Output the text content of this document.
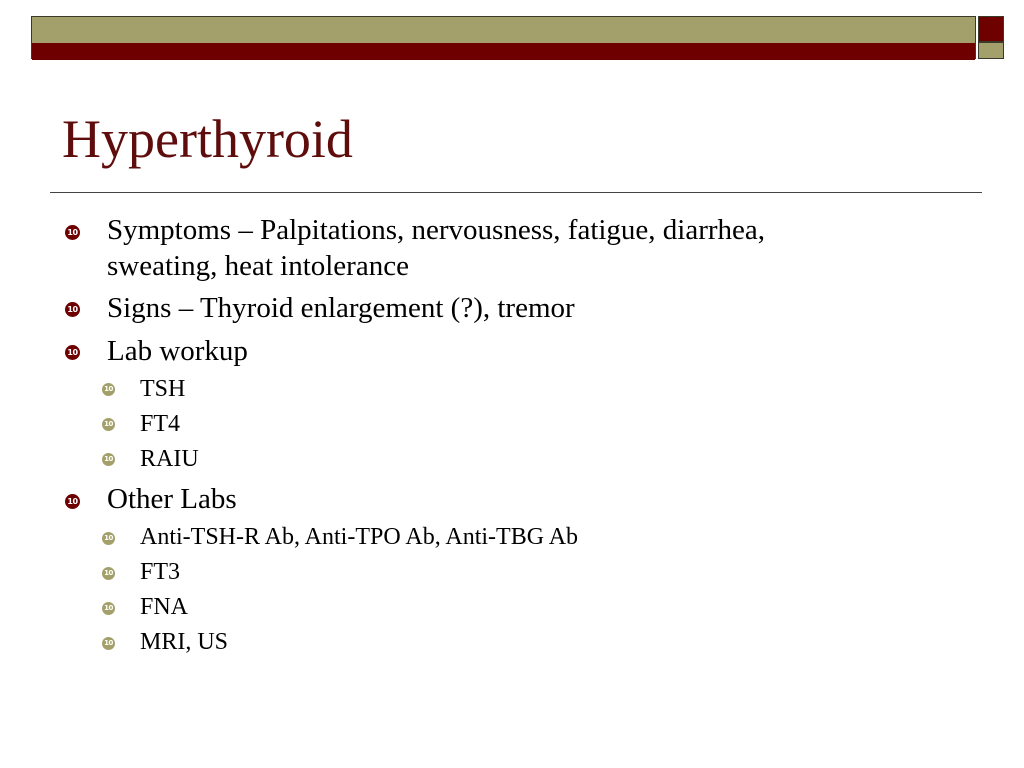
Hyperthyroid
10 Symptoms – Palpitations, nervousness, fatigue, diarrhea,
sweating, heat intolerance
10 Signs – Thyroid enlargement (?), tremor
10 Lab workup
10 TSH
10 FT4
10 RAIU
10 Other Labs
10 Anti-TSH-R Ab, Anti-TPO Ab, Anti-TBG Ab
10 FT3
10 FNA
10 MRI, US
